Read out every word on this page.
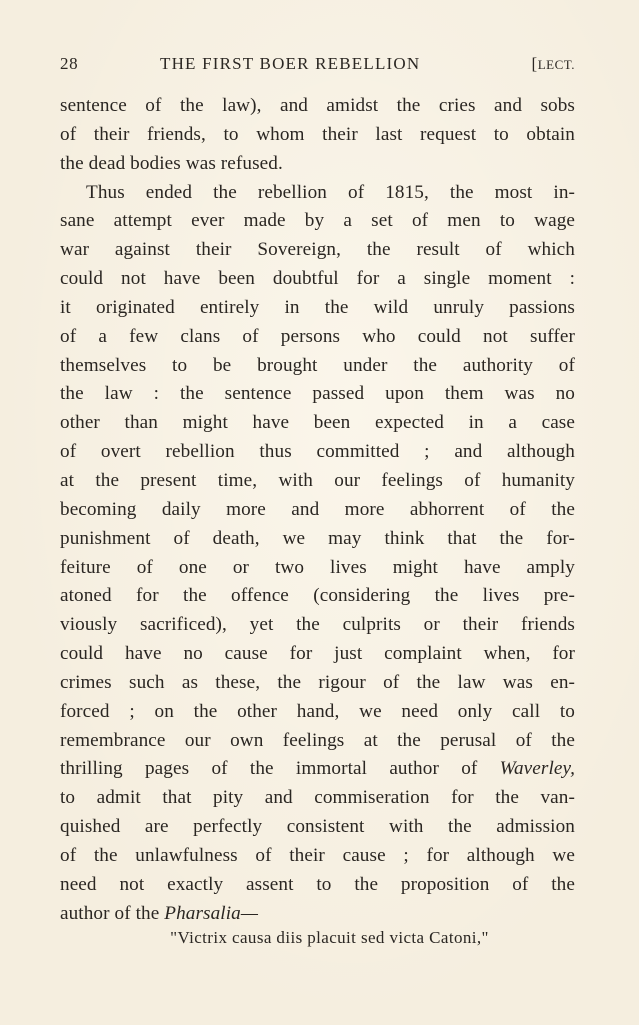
28	THE FIRST BOER REBELLION	[LECT.
sentence of the law), and amidst the cries and sobs
of their friends, to whom their last request to obtain
the dead bodies was refused.
Thus ended the rebellion of 1815, the most in-
sane attempt ever made by a set of men to wage
war against their Sovereign, the result of which
could not have been doubtful for a single moment :
it originated entirely in the wild unruly passions
of a few clans of persons who could not suffer
themselves to be brought under the authority of
the law : the sentence passed upon them was no
other than might have been expected in a case
of overt rebellion thus committed ; and although
at the present time, with our feelings of humanity
becoming daily more and more abhorrent of the
punishment of death, we may think that the for-
feiture of one or two lives might have amply
atoned for the offence (considering the lives pre-
viously sacrificed), yet the culprits or their friends
could have no cause for just complaint when, for
crimes such as these, the rigour of the law was en-
forced ; on the other hand, we need only call to
remembrance our own feelings at the perusal of the
thrilling pages of the immortal author of Waverley,
to admit that pity and commiseration for the van-
quished are perfectly consistent with the admission
of the unlawfulness of their cause ; for although we
need not exactly assent to the proposition of the
author of the Pharsalia—
"Victrix causa diis placuit sed victa Catoni,"
